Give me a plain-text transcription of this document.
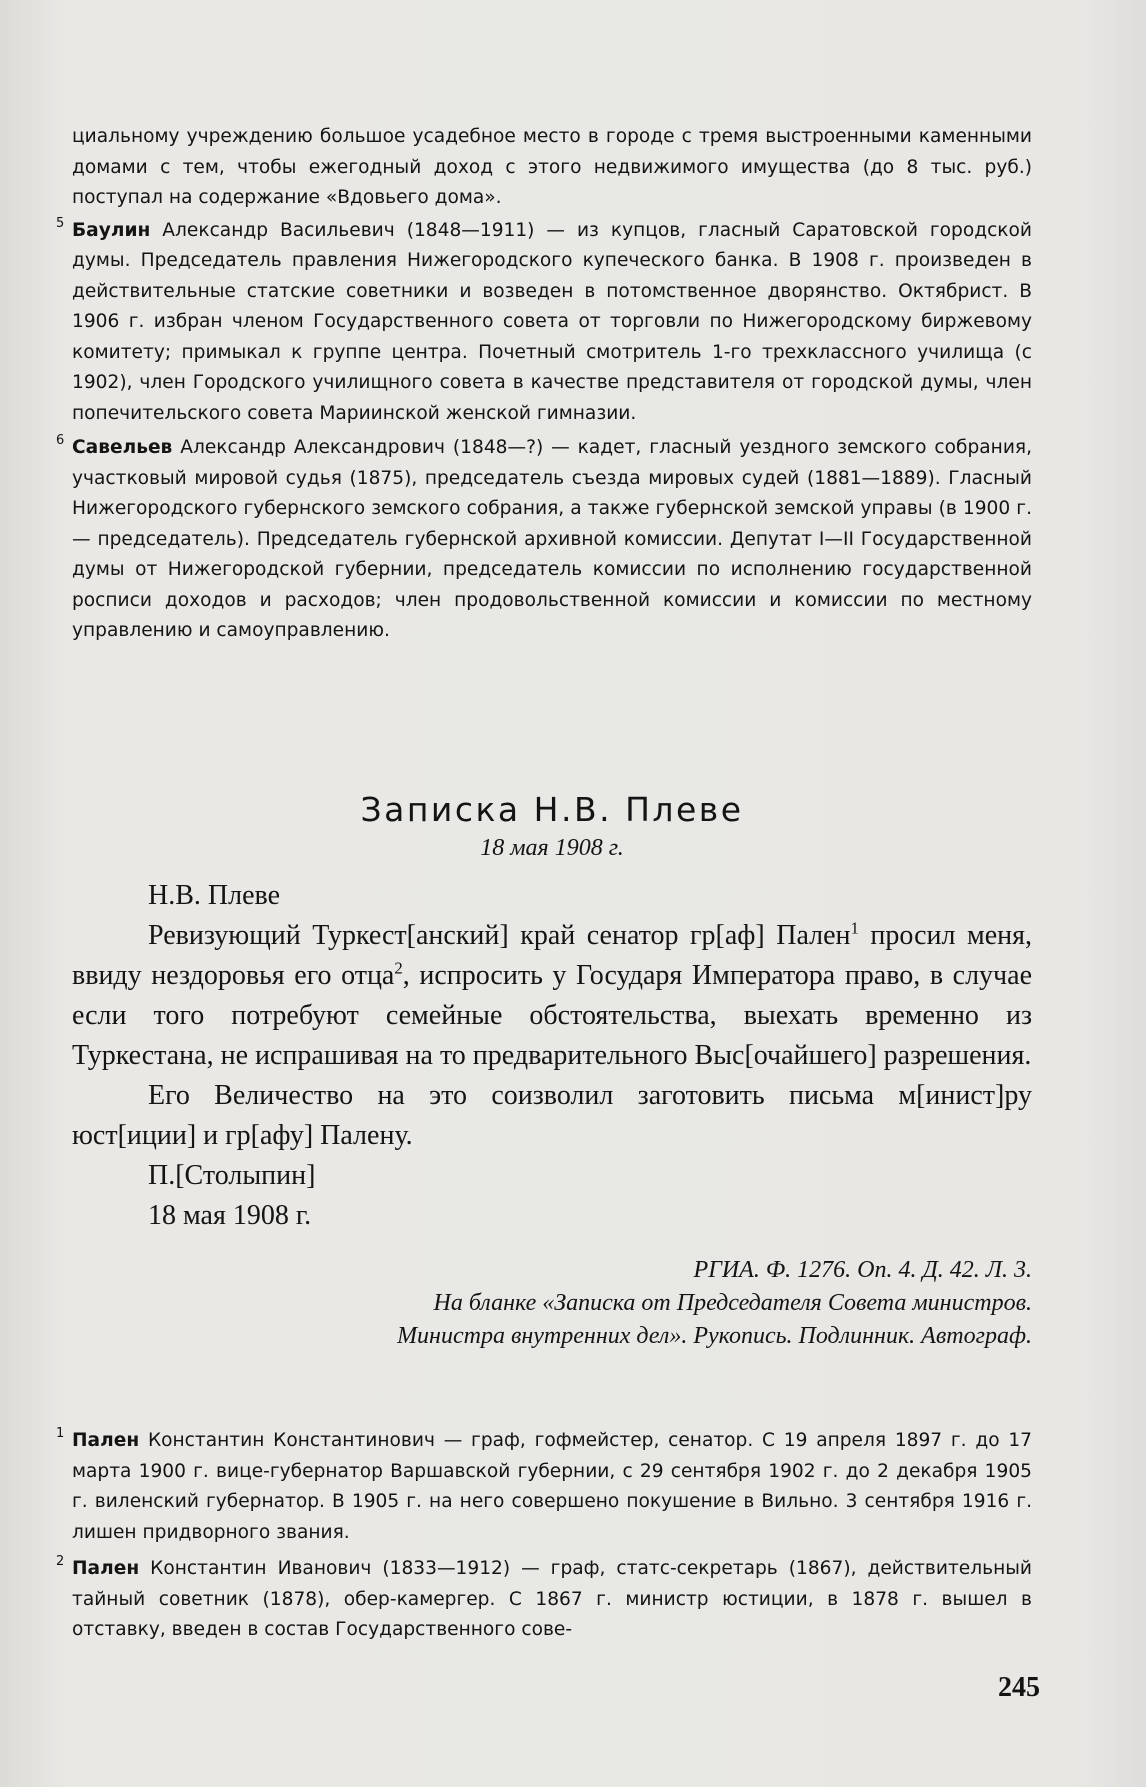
циальному учреждению большое усадебное место в городе с тремя выстроенными каменными домами с тем, чтобы ежегодный доход с этого недвижимого имущества (до 8 тыс. руб.) поступал на содержание «Вдовьего дома».

5 Баулин Александр Васильевич (1848—1911) — из купцов, гласный Саратовской городской думы. Председатель правления Нижегородского купеческого банка. В 1908 г. произведен в действительные статские советники и возведен в потомственное дворянство. Октябрист. В 1906 г. избран членом Государственного совета от торговли по Нижегородскому биржевому комитету; примыкал к группе центра. Почетный смотритель 1-го трехклассного училища (с 1902), член Городского училищного совета в качестве представителя от городской думы, член попечительского совета Мариинской женской гимназии.

6 Савельев Александр Александрович (1848—?) — кадет, гласный уездного земского собрания, участковый мировой судья (1875), председатель съезда мировых судей (1881—1889). Гласный Нижегородского губернского земского собрания, а также губернской земской управы (в 1900 г. — председатель). Председатель губернской архивной комиссии. Депутат I—II Государственной думы от Нижегородской губернии, председатель комиссии по исполнению государственной росписи доходов и расходов; член продовольственной комиссии и комиссии по местному управлению и самоуправлению.

Записка Н.В. Плеве

18 мая 1908 г.

Н.В. Плеве

Ревизующий Туркест[анский] край сенатор гр[аф] Пален$^1$ просил меня, ввиду нездоровья его отца$^2$, испросить у Государя Императора право, в случае если того потребуют семейные обстоятельства, выехать временно из Туркестана, не испрашивая на то предварительного Выс[очайшего] разрешения.

Его Величество на это соизволил заготовить письма м[инист]ру юст[иции] и гр[афу] Палену.

П.[Столыпин]

18 мая 1908 г.

РГИА. Ф. 1276. Оп. 4. Д. 42. Л. 3.

На бланке «Записка от Председателя Совета министров.

Министра внутренних дел». Рукопись. Подлинник. Автограф.

1 Пален Константин Константинович — граф, гофмейстер, сенатор. С 19 апреля 1897 г. до 17 марта 1900 г. вице-губернатор Варшавской губернии, с 29 сентября 1902 г. до 2 декабря 1905 г. виленский губернатор. В 1905 г. на него совершено покушение в Вильно. 3 сентября 1916 г. лишен придворного звания.

2 Пален Константин Иванович (1833—1912) — граф, статс-секретарь (1867), действительный тайный советник (1878), обер-камергер. С 1867 г. министр юстиции, в 1878 г. вышел в отставку, введен в состав Государственного сове-

245
